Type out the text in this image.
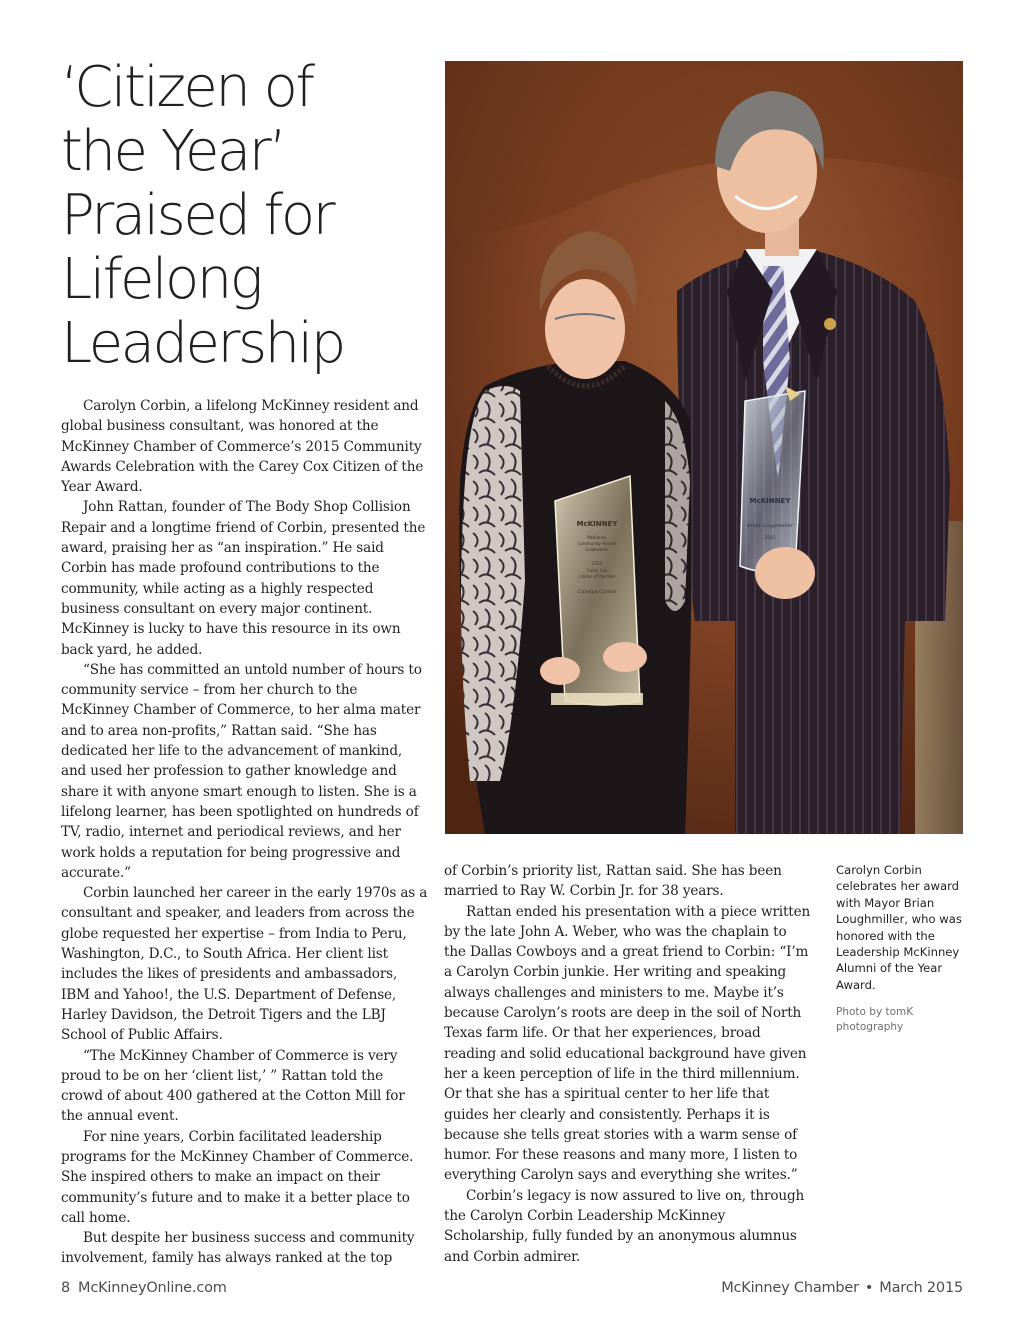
‘Citizen of
the Year’
Praised for
Lifelong
Leadership

Carolyn Corbin, a lifelong McKinney resident and global business consultant, was honored at the McKinney Chamber of Commerce’s 2015 Community Awards Celebration with the Carey Cox Citizen of the Year Award.

John Rattan, founder of The Body Shop Collision Repair and a longtime friend of Corbin, presented the award, praising her as “an inspiration.” He said Corbin has made profound contributions to the community, while acting as a highly respected business consultant on every major continent. McKinney is lucky to have this resource in its own back yard, he added.

“She has committed an untold number of hours to community service – from her church to the McKinney Chamber of Commerce, to her alma mater and to area non-profits,” Rattan said. “She has dedicated her life to the advancement of mankind, and used her profession to gather knowledge and share it with anyone smart enough to listen. She is a lifelong learner, has been spotlighted on hundreds of TV, radio, internet and periodical reviews, and her work holds a reputation for being progressive and accurate.”

Corbin launched her career in the early 1970s as a consultant and speaker, and leaders from across the globe requested her expertise – from India to Peru, Washington, D.C., to South Africa. Her client list includes the likes of presidents and ambassadors, IBM and Yahoo!, the U.S. Department of Defense, Harley Davidson, the Detroit Tigers and the LBJ School of Public Affairs.

“The McKinney Chamber of Commerce is very proud to be on her ‘client list,’ ” Rattan told the crowd of about 400 gathered at the Cotton Mill for the annual event.

For nine years, Corbin facilitated leadership programs for the McKinney Chamber of Commerce. She inspired others to make an impact on their community’s future and to make it a better place to call home.

But despite her business success and community involvement, family has always ranked at the top

McKINNEY
McKinney
Community Awards
Celebration
2015
Carey Cox
Citizen of the Year
Carolyn Corbin
McKINNEY
Brian Loughmiller
2015

of Corbin’s priority list, Rattan said. She has been married to Ray W. Corbin Jr. for 38 years.

Rattan ended his presentation with a piece written by the late John A. Weber, who was the chaplain to the Dallas Cowboys and a great friend to Corbin: “I’m a Carolyn Corbin junkie. Her writing and speaking always challenges and ministers to me. Maybe it’s because Carolyn’s roots are deep in the soil of North Texas farm life. Or that her experiences, broad reading and solid educational background have given her a keen perception of life in the third millennium. Or that she has a spiritual center to her life that guides her clearly and consistently. Perhaps it is because she tells great stories with a warm sense of humor. For these reasons and many more, I listen to everything Carolyn says and everything she writes.”

Corbin’s legacy is now assured to live on, through the Carolyn Corbin Leadership McKinney Scholarship, fully funded by an anonymous alumnus and Corbin admirer.

Carolyn Corbin celebrates her award with Mayor Brian Loughmiller, who was honored with the Leadership McKinney Alumni of the Year Award.
Photo by tomK photography
8 McKinneyOnline.com	McKinney Chamber • March 2015
